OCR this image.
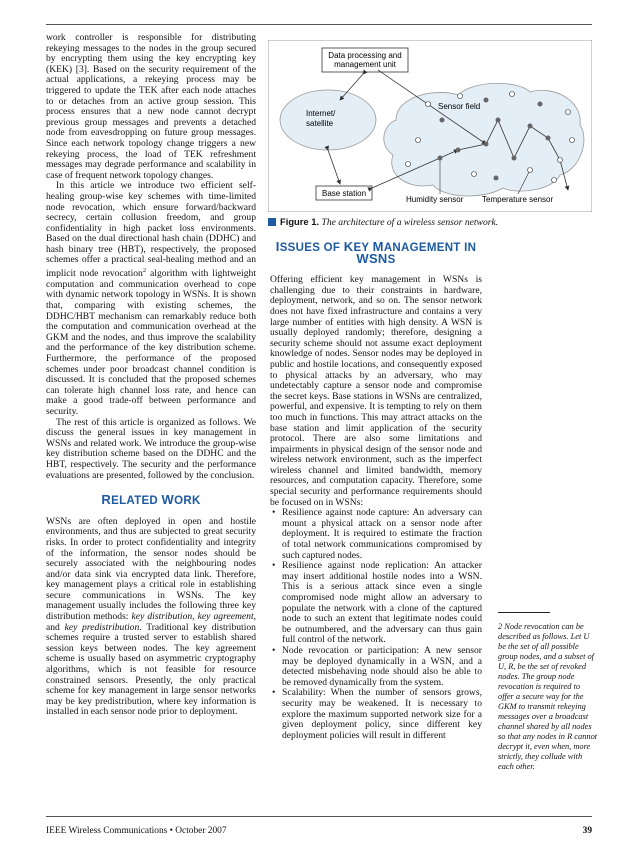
work controller is responsible for distributing rekeying messages to the nodes in the group secured by encrypting them using the key encrypting key (KEK) [3]. Based on the security requirement of the actual applications, a rekeying process may be triggered to update the TEK after each node attaches to or detaches from an active group session. This process ensures that a new node cannot decrypt previous group messages and prevents a detached node from eavesdropping on future group messages. Since each network topology change triggers a new rekeying process, the load of TEK refreshment messages may degrade performance and scalability in case of frequent network topology changes.

In this article we introduce two efficient self-healing group-wise key schemes with time-limited node revocation, which ensure forward/backward secrecy, certain collusion freedom, and group confidentiality in high packet loss environments. Based on the dual directional hash chain (DDHC) and hash binary tree (HBT), respectively, the proposed schemes offer a practical seal-healing method and an implicit node revocation$^2$ algorithm with lightweight computation and communication overhead to cope with dynamic network topology in WSNs. It is shown that, comparing with existing schemes, the DDHC/HBT mechanism can remarkably reduce both the computation and communication overhead at the GKM and the nodes, and thus improve the scalability and the performance of the key distribution scheme. Furthermore, the performance of the proposed schemes under poor broadcast channel condition is discussed. It is concluded that the proposed schemes can tolerate high channel loss rate, and hence can make a good trade-off between performance and security.

The rest of this article is organized as follows. We discuss the general issues in key management in WSNs and related work. We introduce the group-wise key distribution scheme based on the DDHC and the HBT, respectively. The security and the performance evaluations are presented, followed by the conclusion.

RELATED WORK

WSNs are often deployed in open and hostile environments, and thus are subjected to great security risks. In order to protect confidentiality and integrity of the information, the sensor nodes should be securely associated with the neighbouring nodes and/or data sink via encrypted data link. Therefore, key management plays a critical role in establishing secure communications in WSNs. The key management usually includes the following three key distribution methods: key distribution, key agreement, and key predistribution. Traditional key distribution schemes require a trusted server to establish shared session keys between nodes. The key agreement scheme is usually based on asymmetric cryptography algorithms, which is not feasible for resource constrained sensors. Presently, the only practical scheme for key management in large sensor networks may be key predistribution, where key information is installed in each sensor node prior to deployment.

Data processing and
management unit
Internet/
satellite
Base station
Sensor field
Humidity sensor Temperature sensor
Figure 1. The architecture of a wireless sensor network.
ISSUES OF KEY MANAGEMENT IN WSNS

Offering efficient key management in WSNs is challenging due to their constraints in hardware, deployment, network, and so on. The sensor network does not have fixed infrastructure and contains a very large number of entities with high density. A WSN is usually deployed randomly; therefore, designing a security scheme should not assume exact deployment knowledge of nodes. Sensor nodes may be deployed in public and hostile locations, and consequently exposed to physical attacks by an adversary, who may undetectably capture a sensor node and compromise the secret keys. Base stations in WSNs are centralized, powerful, and expensive. It is tempting to rely on them too much in functions. This may attract attacks on the base station and limit application of the security protocol. There are also some limitations and impairments in physical design of the sensor node and wireless network environment, such as the imperfect wireless channel and limited bandwidth, memory resources, and computation capacity. Therefore, some special security and performance requirements should be focused on in WSNs:

• Resilience against node capture: An adversary can mount a physical attack on a sensor node after deployment. It is required to estimate the fraction of total network communications compromised by such captured nodes.
• Resilience against node replication: An attacker may insert additional hostile nodes into a WSN. This is a serious attack since even a single compromised node might allow an adversary to populate the network with a clone of the captured node to such an extent that legitimate nodes could be outnumbered, and the adversary can thus gain full control of the network.
• Node revocation or participation: A new sensor may be deployed dynamically in a WSN, and a detected misbehaving node should also be able to be removed dynamically from the system.
• Scalability: When the number of sensors grows, security may be weakened. It is necessary to explore the maximum supported network size for a given deployment policy, since different key deployment policies will result in different
2 Node revocation can be described as follows. Let U be the set of all possible group nodes, and a subset of U, R, be the set of revoked nodes. The group node revocation is required to offer a secure way for the GKM to transmit rekeying messages over a broadcast channel shared by all nodes so that any nodes in R cannot decrypt it, even when, more strictly, they collude with each other.
IEEE Wireless Communications • October 2007	39
